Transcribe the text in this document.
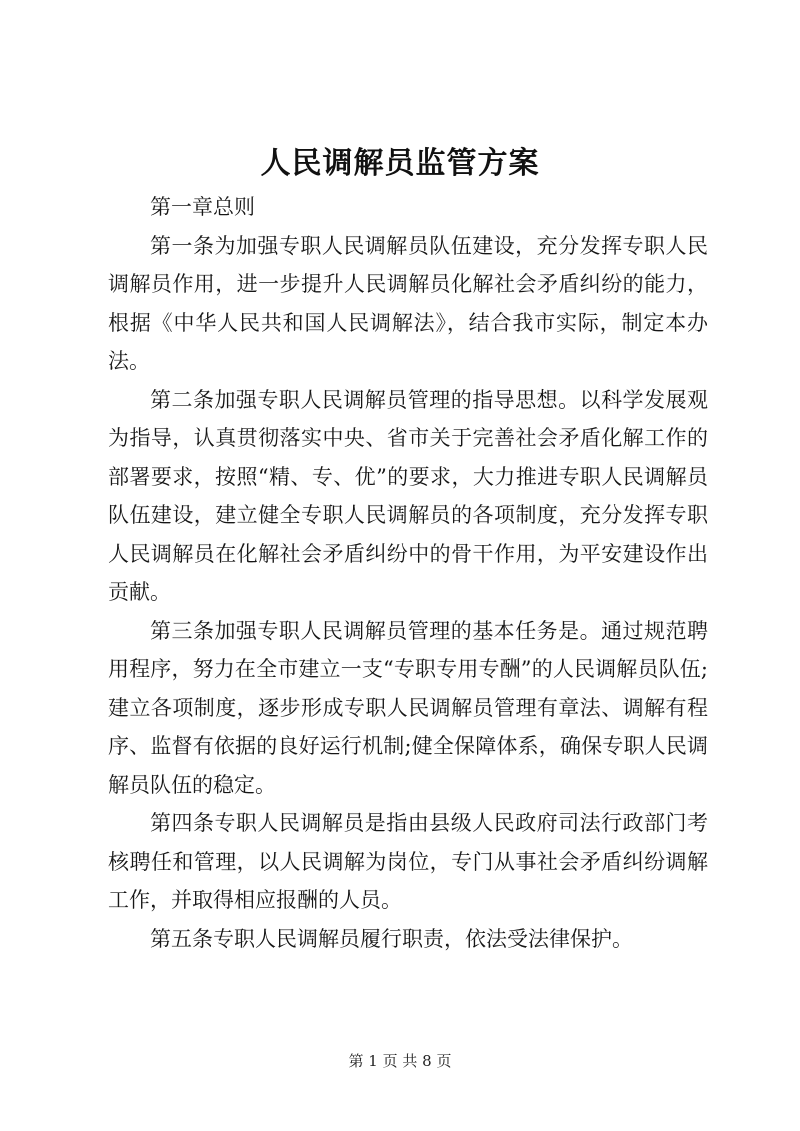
人民调解员监管方案

第一章总则

第一条为加强专职人民调解员队伍建设，充分发挥专职人民调解员作用，进一步提升人民调解员化解社会矛盾纠纷的能力，根据《中华人民共和国人民调解法》，结合我市实际，制定本办法。

第二条加强专职人民调解员管理的指导思想。以科学发展观为指导，认真贯彻落实中央、省市关于完善社会矛盾化解工作的部署要求，按照“精、专、优”的要求，大力推进专职人民调解员队伍建设，建立健全专职人民调解员的各项制度，充分发挥专职人民调解员在化解社会矛盾纠纷中的骨干作用，为平安建设作出贡献。

第三条加强专职人民调解员管理的基本任务是。通过规范聘用程序，努力在全市建立一支“专职专用专酬”的人民调解员队伍;建立各项制度，逐步形成专职人民调解员管理有章法、调解有程序、监督有依据的良好运行机制;健全保障体系，确保专职人民调解员队伍的稳定。

第四条专职人民调解员是指由县级人民政府司法行政部门考核聘任和管理，以人民调解为岗位，专门从事社会矛盾纠纷调解工作，并取得相应报酬的人员。

第五条专职人民调解员履行职责，依法受法律保护。

第 1 页 共 8 页
